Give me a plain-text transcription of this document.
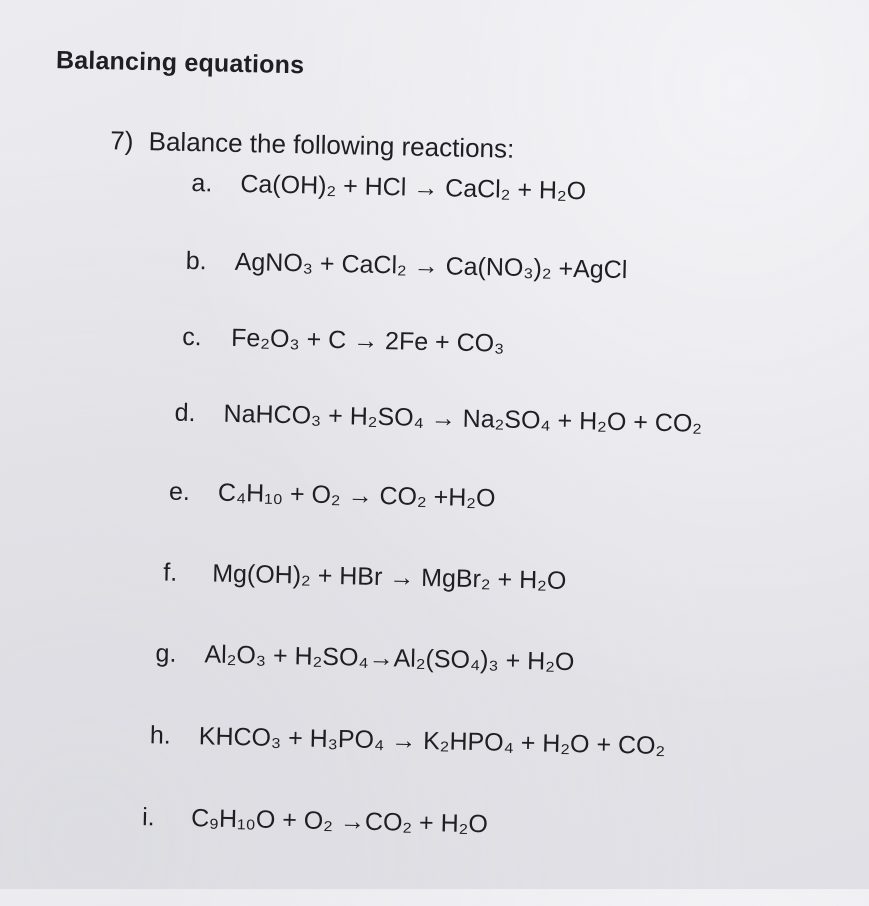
Balancing equations
7) Balance the following reactions:
a. Ca(OH)₂ + HCl → CaCl₂ + H₂O
b. AgNO₃ + CaCl₂ → Ca(NO₃)₂ +AgCl
c. Fe₂O₃ + C → 2Fe + CO₃
d. NaHCO₃ + H₂SO₄ → Na₂SO₄ + H₂O + CO₂
e. C₄H₁₀ + O₂ → CO₂ +H₂O
f. Mg(OH)₂ + HBr → MgBr₂ + H₂O
g. Al₂O₃ + H₂SO₄→Al₂(SO₄)₃ + H₂O
h. KHCO₃ + H₃PO₄ → K₂HPO₄ + H₂O + CO₂
i. C₉H₁₀O + O₂ →CO₂ + H₂O
